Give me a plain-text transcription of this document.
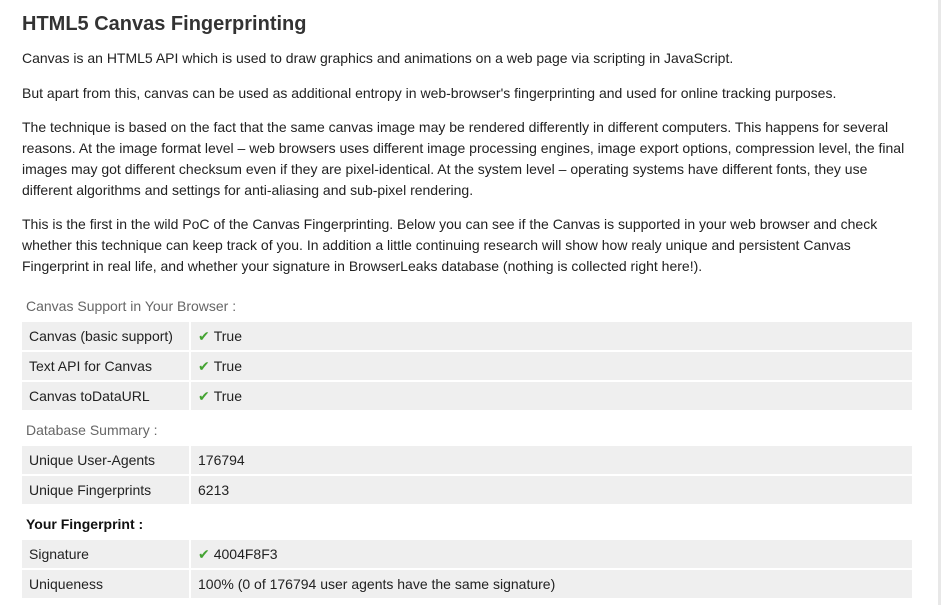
HTML5 Canvas Fingerprinting

Canvas is an HTML5 API which is used to draw graphics and animations on a web page via scripting in JavaScript.

But apart from this, canvas can be used as additional entropy in web-browser's fingerprinting and used for online tracking purposes.

The technique is based on the fact that the same canvas image may be rendered differently in different computers. This happens for several reasons. At the image format level – web browsers uses different image processing engines, image export options, compression level, the final images may got different checksum even if they are pixel-identical. At the system level – operating systems have different fonts, they use different algorithms and settings for anti-aliasing and sub-pixel rendering.

This is the first in the wild PoC of the Canvas Fingerprinting. Below you can see if the Canvas is supported in your web browser and check whether this technique can keep track of you. In addition a little continuing research will show how realy unique and persistent Canvas Fingerprint in real life, and whether your signature in BrowserLeaks database (nothing is collected right here!).

Canvas Support in Your Browser :
Canvas (basic support)	✔ True
Text API for Canvas	✔ True
Canvas toDataURL	✔ True
Database Summary :
Unique User-Agents	176794
Unique Fingerprints	6213
Your Fingerprint :
Signature	✔ 4004F8F3
Uniqueness	100% (0 of 176794 user agents have the same signature)
